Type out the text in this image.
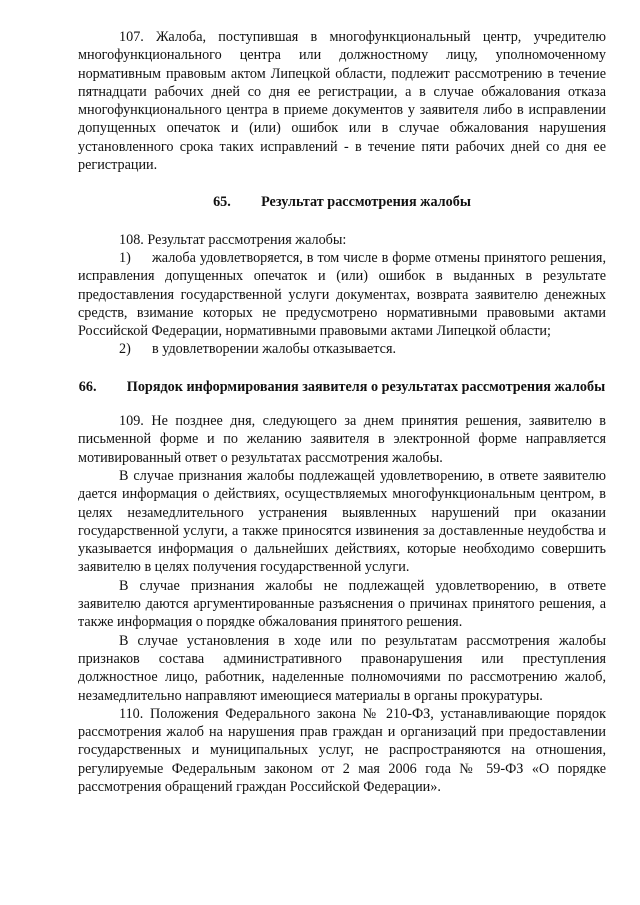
107. Жалоба, поступившая в многофункциональный центр, учредителю многофункционального центра или должностному лицу, уполномоченному нормативным правовым актом Липецкой области, подлежит рассмотрению в течение пятнадцати рабочих дней со дня ее регистрации, а в случае обжалования отказа многофункционального центра в приеме документов у заявителя либо в исправлении допущенных опечаток и (или) ошибок или в случае обжалования нарушения установленного срока таких исправлений - в течение пяти рабочих дней со дня ее регистрации.

65. Результат рассмотрения жалобы

108. Результат рассмотрения жалобы:

1) жалоба удовлетворяется, в том числе в форме отмены принятого решения, исправления допущенных опечаток и (или) ошибок в выданных в результате предоставления государственной услуги документах, возврата заявителю денежных средств, взимание которых не предусмотрено нормативными правовыми актами Российской Федерации, нормативными правовыми актами Липецкой области;

2) в удовлетворении жалобы отказывается.

66. Порядок информирования заявителя о результатах рассмотрения жалобы

109. Не позднее дня, следующего за днем принятия решения, заявителю в письменной форме и по желанию заявителя в электронной форме направляется мотивированный ответ о результатах рассмотрения жалобы.

В случае признания жалобы подлежащей удовлетворению, в ответе заявителю дается информация о действиях, осуществляемых многофункциональным центром, в целях незамедлительного устранения выявленных нарушений при оказании государственной услуги, а также приносятся извинения за доставленные неудобства и указывается информация о дальнейших действиях, которые необходимо совершить заявителю в целях получения государственной услуги.

В случае признания жалобы не подлежащей удовлетворению, в ответе заявителю даются аргументированные разъяснения о причинах принятого решения, а также информация о порядке обжалования принятого решения.

В случае установления в ходе или по результатам рассмотрения жалобы признаков состава административного правонарушения или преступления должностное лицо, работник, наделенные полномочиями по рассмотрению жалоб, незамедлительно направляют имеющиеся материалы в органы прокуратуры.

110. Положения Федерального закона № 210-ФЗ, устанавливающие порядок рассмотрения жалоб на нарушения прав граждан и организаций при предоставлении государственных и муниципальных услуг, не распространяются на отношения, регулируемые Федеральным законом от 2 мая 2006 года № 59-ФЗ «О порядке рассмотрения обращений граждан Российской Федерации».
